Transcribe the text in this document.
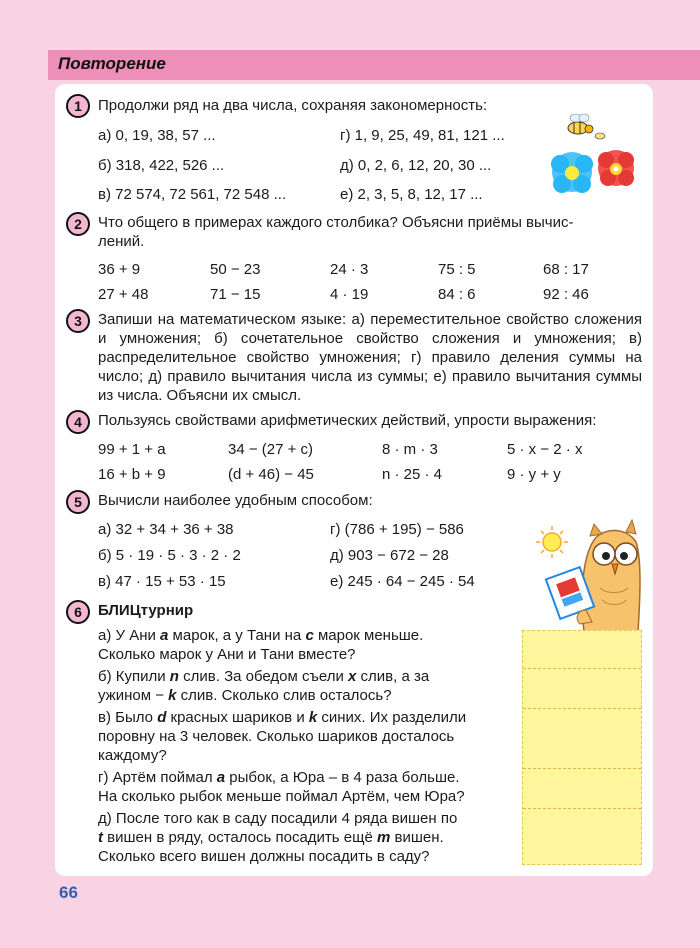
Повторение
1	Продолжи ряд на два числа, сохраняя закономерность:
а) 0, 19, 38, 57 ...	г) 1, 9, 25, 49, 81, 121 ...
б) 318, 422, 526 ...	д) 0, 2, 6, 12, 20, 30 ...
в) 72 574, 72 561, 72 548 ...	е) 2, 3, 5, 8, 12, 17 ...
2	Что общего в примерах каждого столбика? Объясни приёмы вычис-
лений.
36 + 9	50 − 23	24 · 3	75 : 5	68 : 17
27 + 48	71 − 15	4 · 19	84 : 6	92 : 46
3	Запиши на математическом языке: а) переместительное свойство сложения и умножения; б) сочетательное свойство сложения и умножения; в) распределительное свойство умножения; г) правило деления суммы на число; д) правило вычитания числа из суммы; е) правило вычитания суммы из числа. Объясни их смысл.
4	Пользуясь свойствами арифметических действий, упрости выражения:
99 + 1 + a	34 − (27 + c)	8 · m · 3	5 · x − 2 · x
16 + b + 9	(d + 46) − 45	n · 25 · 4	9 · y + y
5	Вычисли наиболее удобным способом:
а) 32 + 34 + 36 + 38	г) (786 + 195) − 586
б) 5 · 19 · 5 · 3 · 2 · 2	д) 903 − 672 − 28
в) 47 · 15 + 53 · 15	е) 245 · 64 − 245 · 54
6	БЛИЦтурнир
а) У Ани a марок, а у Тани на c марок меньше.
Сколько марок у Ани и Тани вместе?
б) Купили n слив. За обедом съели x слив, а за
ужином − k слив. Сколько слив осталось?
в) Было d красных шариков и k синих. Их разделили
поровну на 3 человек. Сколько шариков досталось
каждому?
г) Артём поймал a рыбок, а Юра – в 4 раза больше.
На сколько рыбок меньше поймал Артём, чем Юра?
д) После того как в саду посадили 4 ряда вишен по
t вишен в ряду, осталось посадить ещё m вишен.
Сколько всего вишен должны посадить в саду?
66
